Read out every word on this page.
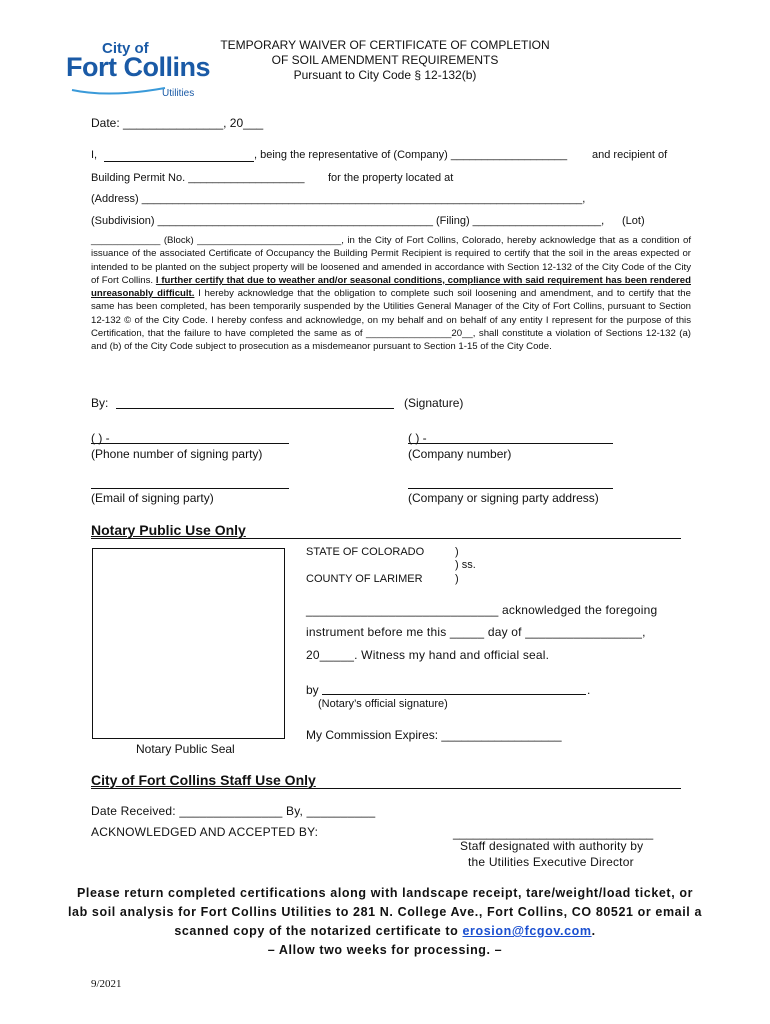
City of
Fort Collins
Utilities
TEMPORARY WAIVER OF CERTIFICATE OF COMPLETION
OF SOIL AMENDMENT REQUIREMENTS
Pursuant to City Code § 12-132(b)
Date: _______________, 20___
I,	, being the representative of (Company) ___________________ and recipient of
Building Permit No. ___________________ for the property located at
(Address) ________________________________________________________________________,
(Subdivision) _____________________________________________ (Filing) _____________________, (Lot)
_____________ (Block) ___________________________, in the City of Fort Collins, Colorado, hereby acknowledge that as a condition of issuance of the associated Certificate of Occupancy the Building Permit Recipient is required to certify that the soil in the areas expected or intended to be planted on the subject property will be loosened and amended in accordance with Section 12-132 of the City Code of the City of Fort Collins. I further certify that due to weather and/or seasonal conditions, compliance with said requirement has been rendered unreasonably difficult. I hereby acknowledge that the obligation to complete such soil loosening and amendment, and to certify that the same has been completed, has been temporarily suspended by the Utilities General Manager of the City of Fort Collins, pursuant to Section 12-132 © of the City Code. I hereby confess and acknowledge, on my behalf and on behalf of any entity I represent for the purpose of this Certification, that the failure to have completed the same as of ________________20__, shall constitute a violation of Sections 12-132 (a) and (b) of the City Code subject to prosecution as a misdemeanor pursuant to Section 1-15 of the City Code.
By:	(Signature)
( ) -
(Phone number of signing party)
( ) -
(Company number)
(Email of signing party)	(Company or signing party address)
Notary Public Use Only
Notary Public Seal
STATE OF COLORADO	)
) ss.
COUNTY OF LARIMER	)
____________________________ acknowledged the foregoing
instrument before me this _____ day of _________________,
20_____. Witness my hand and official seal.
by	.
(Notary’s official signature)
My Commission Expires: __________________
City of Fort Collins Staff Use Only
Date Received: _______________ By, __________
ACKNOWLEDGED AND ACCEPTED BY:	______________________________
Staff designated with authority by
the Utilities Executive Director
Please return completed certifications along with landscape receipt, tare/weight/load ticket, or lab soil analysis for Fort Collins Utilities to 281 N. College Ave., Fort Collins, CO 80521 or email a scanned copy of the notarized certificate to erosion@fcgov.com.
– Allow two weeks for processing. –
9/2021
